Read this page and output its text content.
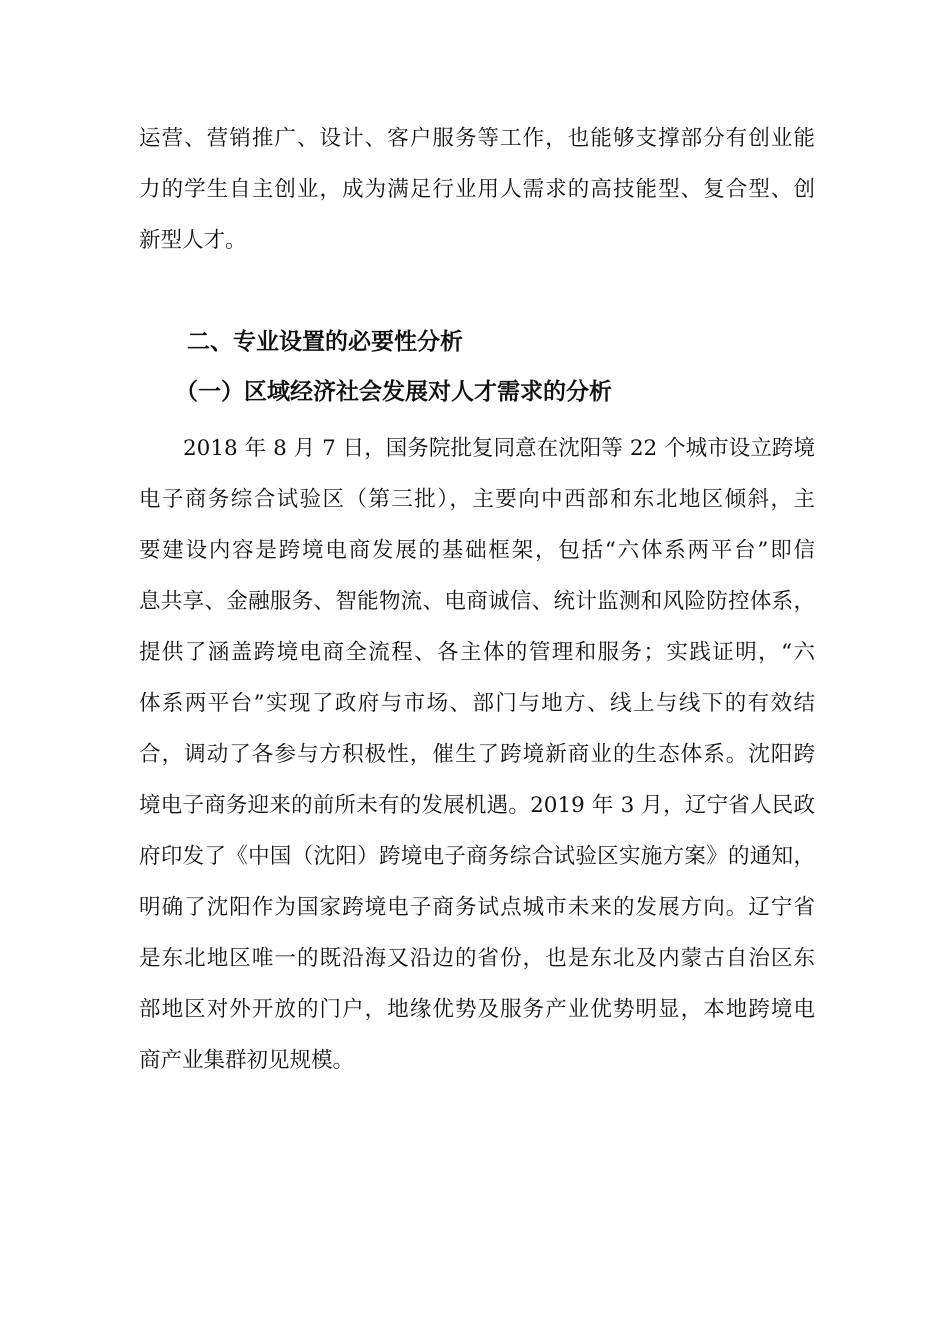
运营、营销推广、设计、客户服务等工作，也能够支撑部分有创业能
力的学生自主创业，成为满足行业用人需求的高技能型、复合型、创
新型人才。
二、专业设置的必要性分析
（一）区域经济社会发展对人才需求的分析
2018 年 8 月 7 日，国务院批复同意在沈阳等 22 个城市设立跨境
电子商务综合试验区（第三批），主要向中西部和东北地区倾斜，主
要建设内容是跨境电商发展的基础框架，包括“六体系两平台”即信
息共享、金融服务、智能物流、电商诚信、统计监测和风险防控体系，
提供了涵盖跨境电商全流程、各主体的管理和服务；实践证明，“六
体系两平台”实现了政府与市场、部门与地方、线上与线下的有效结
合，调动了各参与方积极性，催生了跨境新商业的生态体系。沈阳跨
境电子商务迎来的前所未有的发展机遇。2019 年 3 月，辽宁省人民政
府印发了《中国（沈阳）跨境电子商务综合试验区实施方案》的通知，
明确了沈阳作为国家跨境电子商务试点城市未来的发展方向。辽宁省
是东北地区唯一的既沿海又沿边的省份，也是东北及内蒙古自治区东
部地区对外开放的门户，地缘优势及服务产业优势明显，本地跨境电
商产业集群初见规模。
